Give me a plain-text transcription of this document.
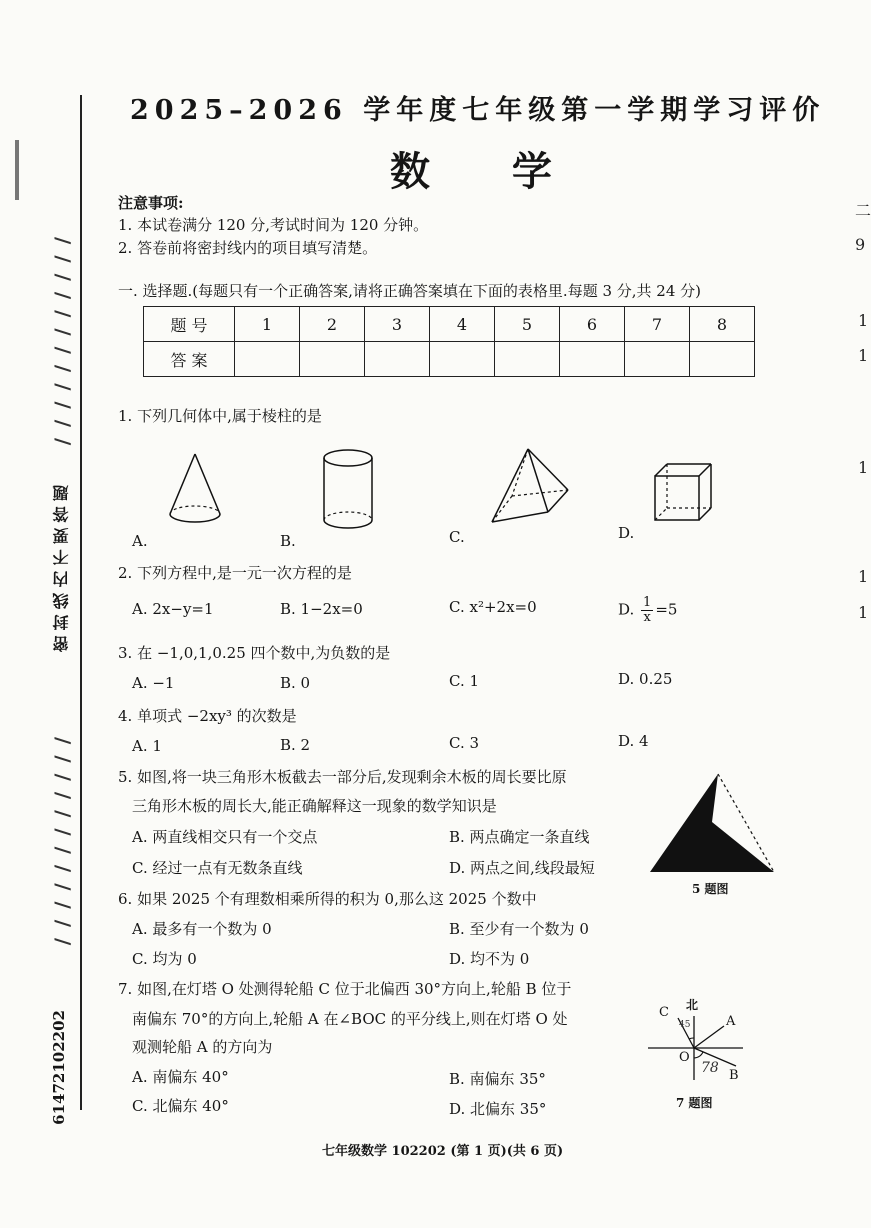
/ / / / / / / / / / / /
密 封 线 内 不 要 答 题
/ / / / / / / / / / / /
61472102202
2025–2026 学年度七年级第一学期学习评价
数 学
注意事项:
1. 本试卷满分 120 分,考试时间为 120 分钟。
2. 答卷前将密封线内的项目填写清楚。
一. 选择题.(每题只有一个正确答案,请将正确答案填在下面的表格里.每题 3 分,共 24 分)
题 号	1	2	3	4	5	6	7	8
答 案								
1. 下列几何体中,属于棱柱的是
A.	B.	C.	D.
2. 下列方程中,是一元一次方程的是
A. 2x−y=1	B. 1−2x=0	C. x²+2x=0	D. $\frac{1}{x} =5$
3. 在 −1,0,1,0.25 四个数中,为负数的是
A. −1	B. 0	C. 1	D. 0.25
4. 单项式 −2xy³ 的次数是
A. 1	B. 2	C. 3	D. 4
5. 如图,将一块三角形木板截去一部分后,发现剩余木板的周长要比原
三角形木板的周长大,能正确解释这一现象的数学知识是
A. 两直线相交只有一个交点	B. 两点确定一条直线
C. 经过一点有无数条直线	D. 两点之间,线段最短
5 题图
6. 如果 2025 个有理数相乘所得的积为 0,那么这 2025 个数中
A. 最多有一个数为 0	B. 至少有一个数为 0
C. 均为 0	D. 均不为 0
7. 如图,在灯塔 O 处测得轮船 C 位于北偏西 30°方向上,轮船 B 位于
南偏东 70°的方向上,轮船 A 在∠BOC 的平分线上,则在灯塔 O 处
观测轮船 A 的方向为
A. 南偏东 40°	B. 南偏东 35°
C. 北偏东 40°	D. 北偏东 35°
北
C
A
O
B
45
78
7 题图
七年级数学 102202 (第 1 页)(共 6 页)
二
9
1
1
1
1
1
